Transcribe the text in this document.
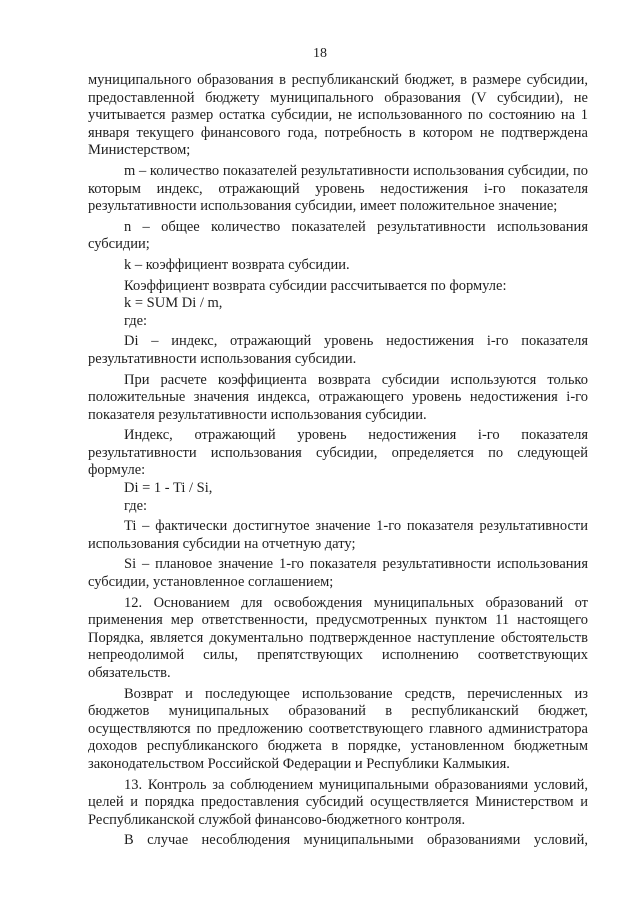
18

муниципального образования в республиканский бюджет, в размере субсидии, предоставленной бюджету муниципального образования (V субсидии), не учитывается размер остатка субсидии, не использованного по состоянию на 1 января текущего финансового года, потребность в котором не подтверждена Министерством;

m – количество показателей результативности использования субсидии, по которым индекс, отражающий уровень недостижения i-го показателя результативности использования субсидии, имеет положительное значение;

n – общее количество показателей результативности использования субсидии;

k – коэффициент возврата субсидии.

Коэффициент возврата субсидии рассчитывается по формуле:

k = SUM Di / m,

где:

Di – индекс, отражающий уровень недостижения i-го показателя результативности использования субсидии.

При расчете коэффициента возврата субсидии используются только положительные значения индекса, отражающего уровень недостижения i-го показателя результативности использования субсидии.

Индекс, отражающий уровень недостижения i-го показателя результативности использования субсидии, определяется по следующей формуле:

Di = 1 - Ti / Si,

где:

Ti – фактически достигнутое значение 1-го показателя результативности использования субсидии на отчетную дату;

Si – плановое значение 1-го показателя результативности использования субсидии, установленное соглашением;

12. Основанием для освобождения муниципальных образований от применения мер ответственности, предусмотренных пунктом 11 настоящего Порядка, является документально подтвержденное наступление обстоятельств непреодолимой силы, препятствующих исполнению соответствующих обязательств.

Возврат и последующее использование средств, перечисленных из бюджетов муниципальных образований в республиканский бюджет, осуществляются по предложению соответствующего главного администратора доходов республиканского бюджета в порядке, установленном бюджетным законодательством Российской Федерации и Республики Калмыкия.

13. Контроль за соблюдением муниципальными образованиями условий, целей и порядка предоставления субсидий осуществляется Министерством и Республиканской службой финансово-бюджетного контроля.

В случае несоблюдения муниципальными образованиями условий,
